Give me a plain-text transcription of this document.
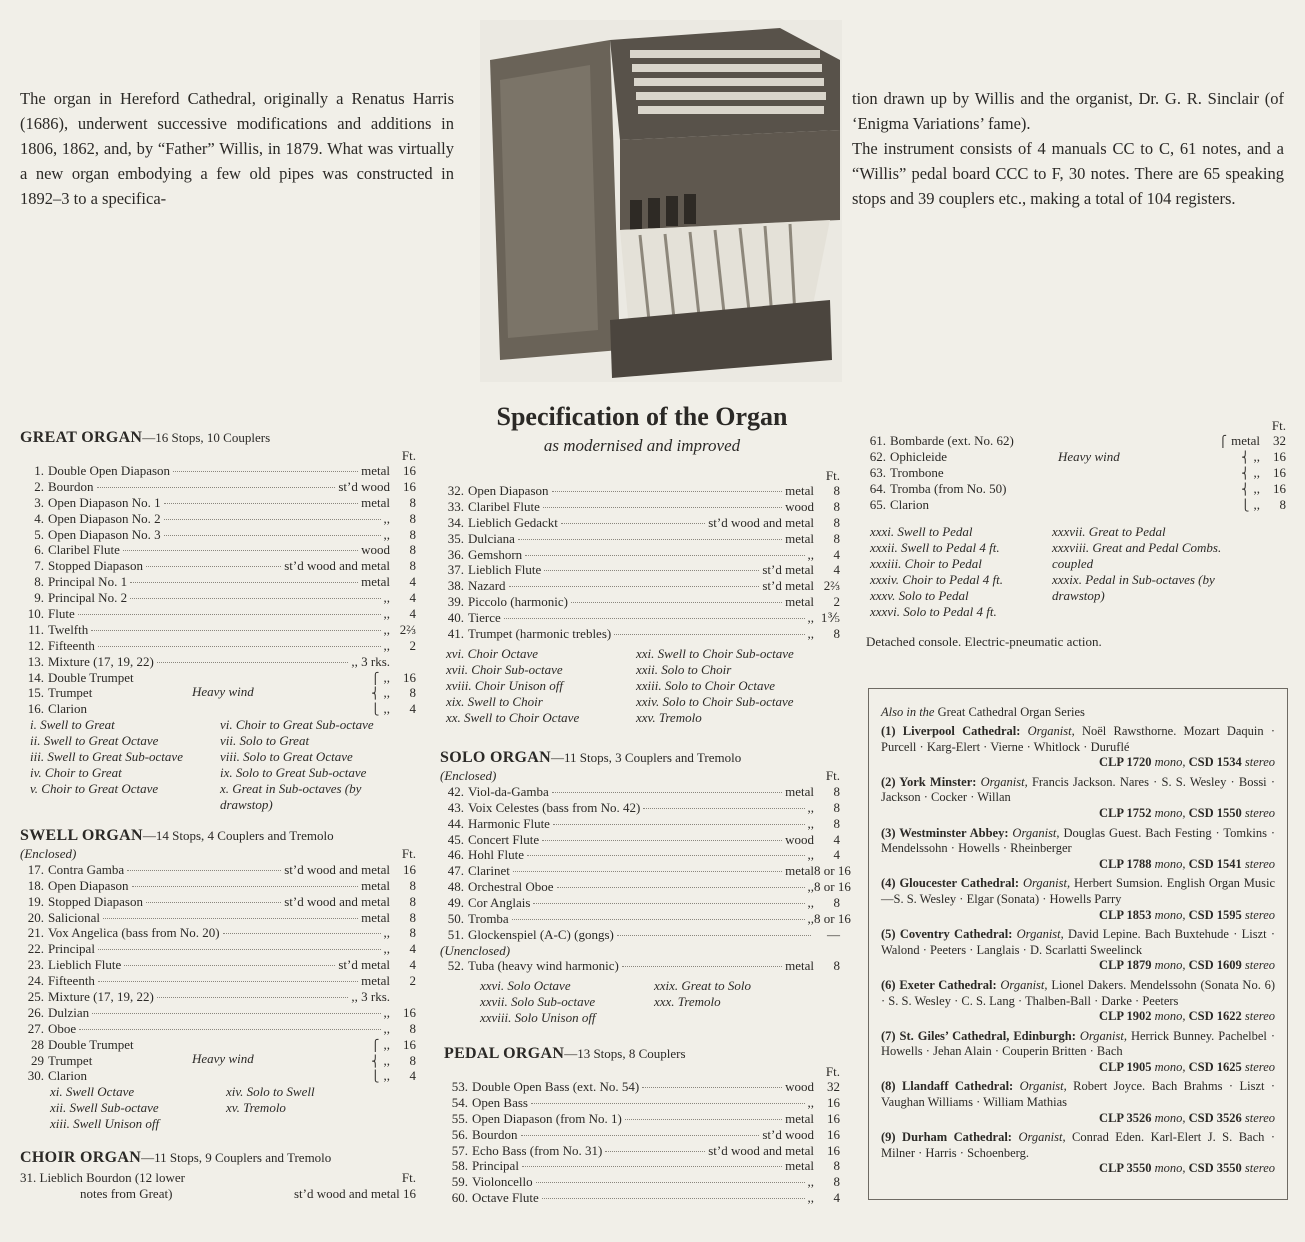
The organ in Hereford Cathedral, originally a Renatus Harris (1686), underwent successive modifications and additions in 1806, 1862, and, by “Father” Willis, in 1879. What was virtually a new organ embodying a few old pipes was constructed in 1892–3 to a specifica-

tion drawn up by Willis and the organist, Dr. G. R. Sinclair (of ‘Enigma Variations’ fame).

The instrument consists of 4 manuals CC to C, 61 notes, and a “Willis” pedal board CCC to F, 30 notes. There are 65 speaking stops and 39 couplers etc., making a total of 104 registers.

Specification of the Organ
as modernised and improved
GREAT ORGAN—16 Stops, 10 Couplers
Ft.
1. Double Open Diapason	metal	16
2. Bourdon	st’d wood	16
3. Open Diapason No. 1	metal	8
4. Open Diapason No. 2	,,	8
5. Open Diapason No. 3	,,	8
6. Claribel Flute	wood	8
7. Stopped Diapason	st’d wood and metal	8
8. Principal No. 1	metal	4
9. Principal No. 2	,,	4
10. Flute	,,	4
11. Twelfth	,, 2⅔
12. Fifteenth	,,	2
13. Mixture (17, 19, 22)	,, 3 rks.
14. Double Trumpet	⎧ ,,	16
15. Trumpet	⎨ ,,	8
16. Clarion	⎩ ,,	4
Heavy wind
i. Swell to Great
ii. Swell to Great Octave
iii. Swell to Great Sub-octave
iv. Choir to Great
v. Choir to Great Octave
vi. Choir to Great Sub-octave
vii. Solo to Great
viii. Solo to Great Octave
ix. Solo to Great Sub-octave
x. Great in Sub-octaves (by
drawstop)
SWELL ORGAN—14 Stops, 4 Couplers and Tremolo
(Enclosed)	Ft.
17. Contra Gamba	st’d wood and metal	16
18. Open Diapason	metal	8
19. Stopped Diapason	st’d wood and metal	8
20. Salicional	metal	8
21. Vox Angelica (bass from No. 20)	,,	8
22. Principal	,,	4
23. Lieblich Flute	st’d metal	4
24. Fifteenth	metal	2
25. Mixture (17, 19, 22)	,, 3 rks.
26. Dulzian	,,	16
27. Oboe	,,	8
28 Double Trumpet	⎧ ,,	16
29 Trumpet	⎨ ,,	8
30. Clarion	⎩ ,,	4
Heavy wind
xi. Swell Octave
xii. Swell Sub-octave
xiii. Swell Unison off
xiv. Solo to Swell
xv. Tremolo
CHOIR ORGAN—11 Stops, 9 Couplers and Tremolo
31. Lieblich Bourdon (12 lower	Ft.
notes from Great)	st’d wood and metal 16
Ft.
32. Open Diapason	metal	8
33. Claribel Flute	wood	8
34. Lieblich Gedackt	st’d wood and metal	8
35. Dulciana	metal	8
36. Gemshorn	,,	4
37. Lieblich Flute	st’d metal	4
38. Nazard	st’d metal 2⅔
39. Piccolo (harmonic)	metal	2
40. Tierce	,, 1⅗
41. Trumpet (harmonic trebles)	,,	8
xvi. Choir Octave
xvii. Choir Sub-octave
xviii. Choir Unison off
xix. Swell to Choir
xx. Swell to Choir Octave
xxi. Swell to Choir Sub-octave
xxii. Solo to Choir
xxiii. Solo to Choir Octave
xxiv. Solo to Choir Sub-octave
xxv. Tremolo
SOLO ORGAN—11 Stops, 3 Couplers and Tremolo
(Enclosed)	Ft.
42. Viol-da-Gamba	metal	8
43. Voix Celestes (bass from No. 42)	,,	8
44. Harmonic Flute	,,	8
45. Concert Flute	wood	4
46. Hohl Flute	,,	4
47. Clarinet	metal 8 or 16
48. Orchestral Oboe	,, 8 or 16
49. Cor Anglais	,,	8
50. Tromba	,, 8 or 16
51. Glockenspiel (A-C) (gongs)	—
(Unenclosed)
52. Tuba (heavy wind harmonic)	metal	8
xxvi. Solo Octave
xxvii. Solo Sub-octave
xxviii. Solo Unison off
xxix. Great to Solo
xxx. Tremolo
PEDAL ORGAN—13 Stops, 8 Couplers
Ft.
53. Double Open Bass (ext. No. 54)	wood	32
54. Open Bass	,,	16
55. Open Diapason (from No. 1)	metal	16
56. Bourdon	st’d wood	16
57. Echo Bass (from No. 31)	st’d wood and metal	16
58. Principal	metal	8
59. Violoncello	,,	8
60. Octave Flute	,,	4
Ft.
61. Bombarde (ext. No. 62)	⎧ metal	32
62. Ophicleide	⎨ ,,	16
63. Trombone	⎨ ,,	16
64. Tromba (from No. 50)	⎨ ,,	16
65. Clarion	⎩ ,,	8
Heavy wind
xxxi. Swell to Pedal
xxxii. Swell to Pedal 4 ft.
xxxiii. Choir to Pedal
xxxiv. Choir to Pedal 4 ft.
xxxv. Solo to Pedal
xxxvi. Solo to Pedal 4 ft.
xxxvii. Great to Pedal
xxxviii. Great and Pedal Combs.
coupled
xxxix. Pedal in Sub-octaves (by
drawstop)
Detached console. Electric-pneumatic action.
Also in the Great Cathedral Organ Series
(1) Liverpool Cathedral: Organist, Noël Rawsthorne. Mozart Daquin · Purcell · Karg-Elert · Vierne · Whitlock · Duruflé
CLP 1720 mono, CSD 1534 stereo
(2) York Minster: Organist, Francis Jackson. Nares · S. S. Wesley · Bossi · Jackson · Cocker · Willan
CLP 1752 mono, CSD 1550 stereo
(3) Westminster Abbey: Organist, Douglas Guest. Bach Festing · Tomkins · Mendelssohn · Howells · Rheinberger
CLP 1788 mono, CSD 1541 stereo
(4) Gloucester Cathedral: Organist, Herbert Sumsion. English Organ Music—S. S. Wesley · Elgar (Sonata) · Howells Parry
CLP 1853 mono, CSD 1595 stereo
(5) Coventry Cathedral: Organist, David Lepine. Bach Buxtehude · Liszt · Walond · Peeters · Langlais · D. Scarlatti Sweelinck
CLP 1879 mono, CSD 1609 stereo
(6) Exeter Cathedral: Organist, Lionel Dakers. Mendelssohn (Sonata No. 6) · S. S. Wesley · C. S. Lang · Thalben-Ball · Darke · Peeters
CLP 1902 mono, CSD 1622 stereo
(7) St. Giles’ Cathedral, Edinburgh: Organist, Herrick Bunney. Pachelbel · Howells · Jehan Alain · Couperin Britten · Bach
CLP 1905 mono, CSD 1625 stereo
(8) Llandaff Cathedral: Organist, Robert Joyce. Bach Brahms · Liszt · Vaughan Williams · William Mathias
CLP 3526 mono, CSD 3526 stereo
(9) Durham Cathedral: Organist, Conrad Eden. Karl-Elert J. S. Bach · Milner · Harris · Schoenberg.
CLP 3550 mono, CSD 3550 stereo
